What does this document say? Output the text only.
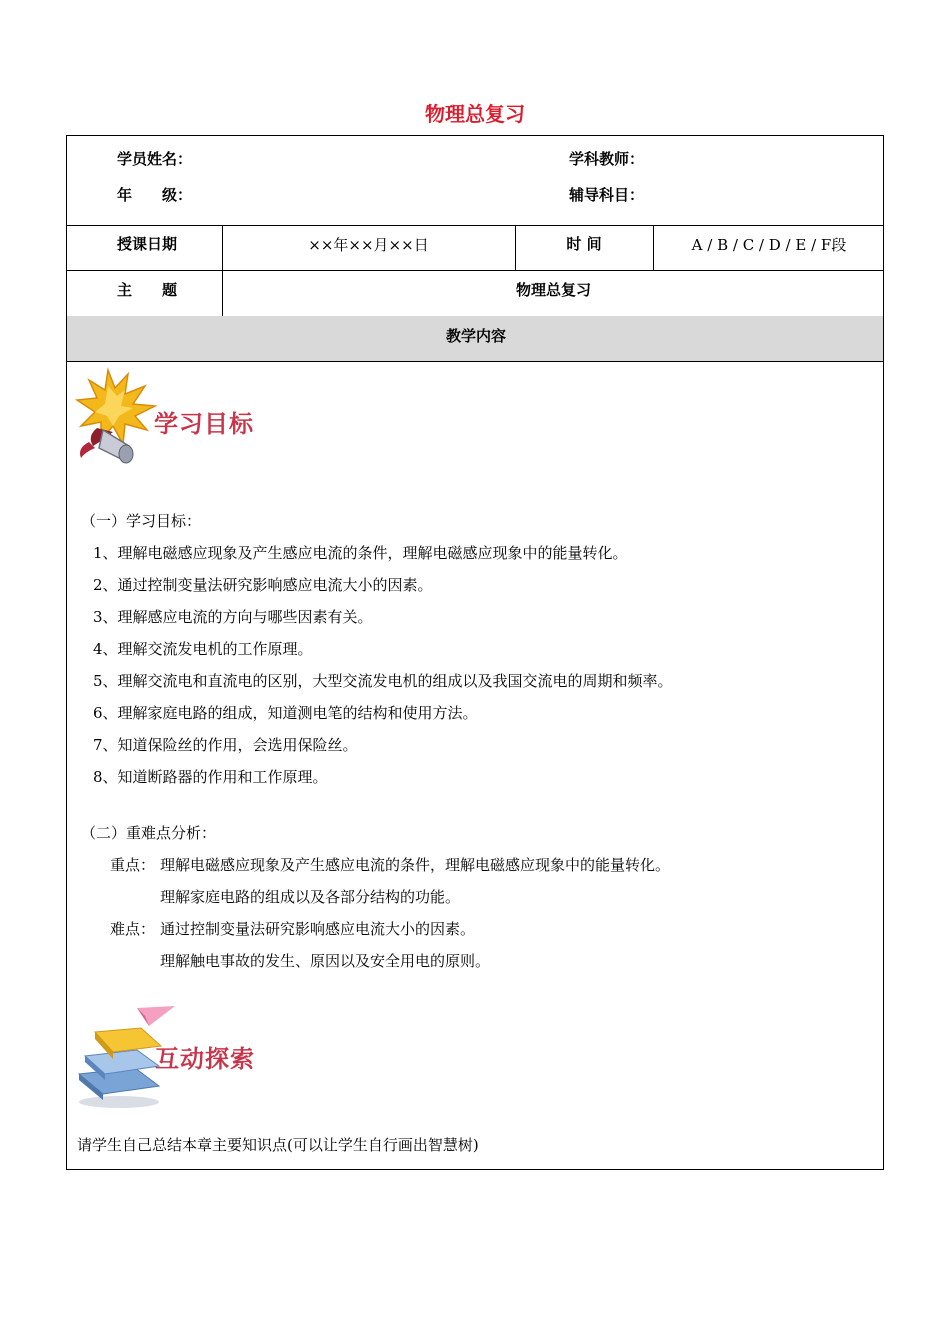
物理总复习
学员姓名：	学科教师：
年　　级：	辅导科目：
授课日期	××年××月××日	时 间	A / B / C / D / E / F段
主　　题	物理总复习
教学内容
学习目标
（一）学习目标：
1、理解电磁感应现象及产生感应电流的条件，理解电磁感应现象中的能量转化。
2、通过控制变量法研究影响感应电流大小的因素。
3、理解感应电流的方向与哪些因素有关。
4、理解交流发电机的工作原理。
5、理解交流电和直流电的区别，大型交流发电机的组成以及我国交流电的周期和频率。
6、理解家庭电路的组成，知道测电笔的结构和使用方法。
7、知道保险丝的作用，会选用保险丝。
8、知道断路器的作用和工作原理。
（二）重难点分析：
重点： 理解电磁感应现象及产生感应电流的条件，理解电磁感应现象中的能量转化。
理解家庭电路的组成以及各部分结构的功能。
难点： 通过控制变量法研究影响感应电流大小的因素。
理解触电事故的发生、原因以及安全用电的原则。
互动探索
请学生自己总结本章主要知识点(可以让学生自行画出智慧树)
